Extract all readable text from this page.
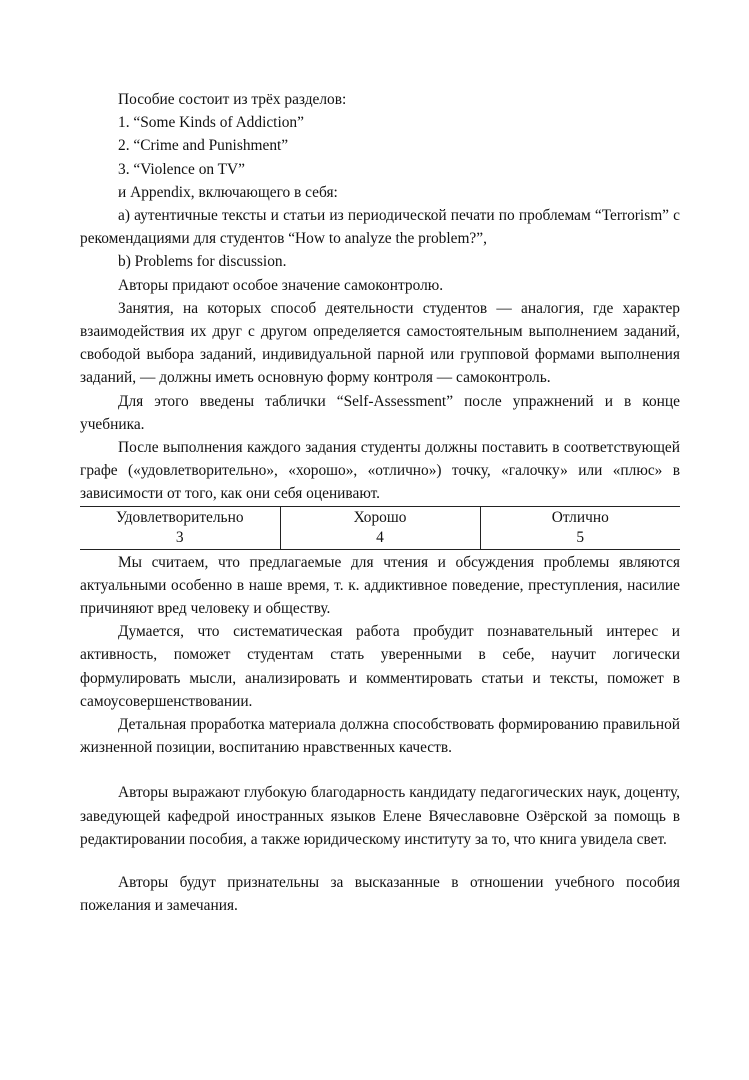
Пособие состоит из трёх разделов:

1. “Some Kinds of Addiction”

2. “Crime and Punishment”

3. “Violence on TV”

и Appendix, включающего в себя:

а) аутентичные тексты и статьи из периодической печати по проблемам “Terrorism” с рекомендациями для студентов “How to analyze the problem?”,

b) Problems for discussion.

Авторы придают особое значение самоконтролю.

Занятия, на которых способ деятельности студентов — аналогия, где характер взаимодействия их друг с другом определяется самостоятельным выполнением заданий, свободой выбора заданий, индивидуальной парной или групповой формами выполнения заданий, — должны иметь основную форму контроля — самоконтроль.

Для этого введены таблички “Self-Assessment” после упражнений и в конце учебника.

После выполнения каждого задания студенты должны поставить в соответствующей графе («удовлетворительно», «хорошо», «отлично») точку, «галочку» или «плюс» в зависимости от того, как они себя оценивают.

Удовлетворительно	Хорошо	Отлично
3	4	5

Мы считаем, что предлагаемые для чтения и обсуждения проблемы являются актуальными особенно в наше время, т. к. аддиктивное поведение, преступления, насилие причиняют вред человеку и обществу.

Думается, что систематическая работа пробудит познавательный интерес и активность, поможет студентам стать уверенными в себе, научит логически формулировать мысли, анализировать и комментировать статьи и тексты, поможет в самоусовершенствовании.

Детальная проработка материала должна способствовать формированию правильной жизненной позиции, воспитанию нравственных качеств.

Авторы выражают глубокую благодарность кандидату педагогических наук, доценту, заведующей кафедрой иностранных языков Елене Вячеславовне Озёрской за помощь в редактировании пособия, а также юридическому институту за то, что книга увидела свет.

Авторы будут признательны за высказанные в отношении учебного пособия пожелания и замечания.
